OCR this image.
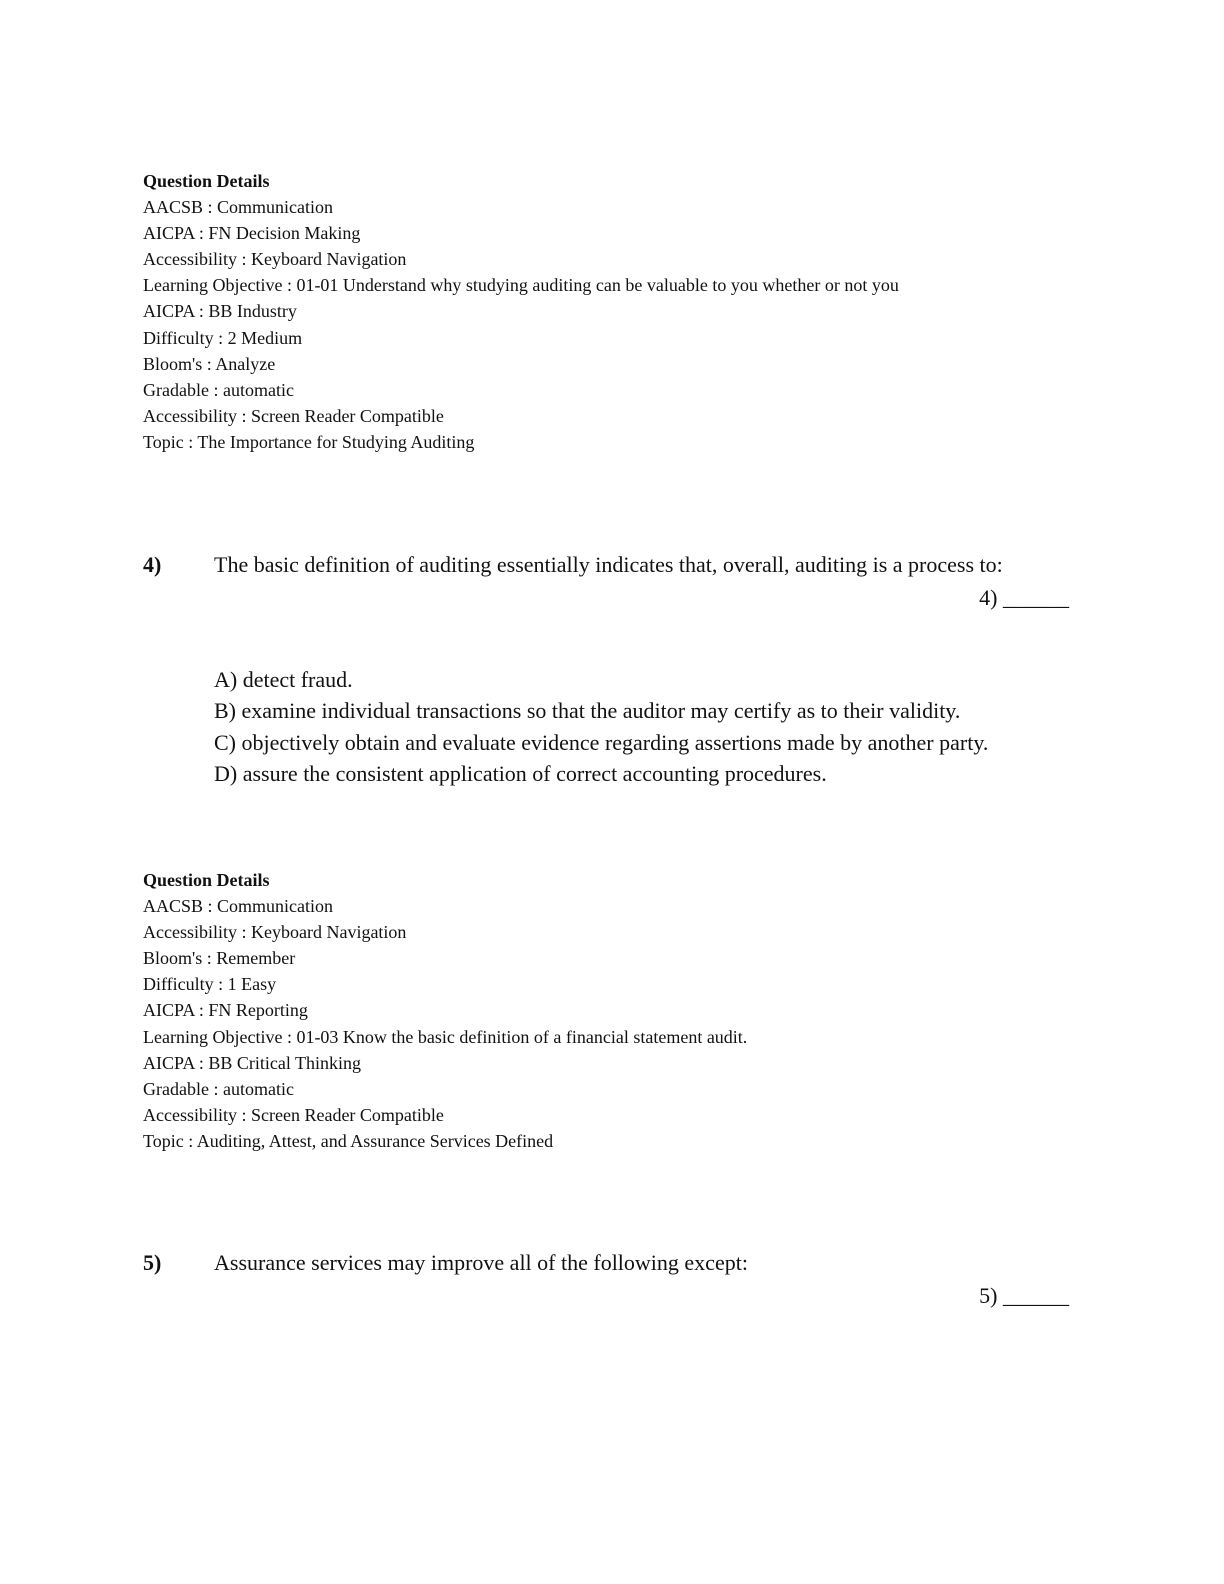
Question Details
AACSB : Communication
AICPA : FN Decision Making
Accessibility : Keyboard Navigation
Learning Objective : 01-01 Understand why studying auditing can be valuable to you whether or not you
AICPA : BB Industry
Difficulty : 2 Medium
Bloom's : Analyze
Gradable : automatic
Accessibility : Screen Reader Compatible
Topic : The Importance for Studying Auditing
4) The basic definition of auditing essentially indicates that, overall, auditing is a process to:
4) ______
A) detect fraud.
B) examine individual transactions so that the auditor may certify as to their validity.
C) objectively obtain and evaluate evidence regarding assertions made by another party.
D) assure the consistent application of correct accounting procedures.
Question Details
AACSB : Communication
Accessibility : Keyboard Navigation
Bloom's : Remember
Difficulty : 1 Easy
AICPA : FN Reporting
Learning Objective : 01-03 Know the basic definition of a financial statement audit.
AICPA : BB Critical Thinking
Gradable : automatic
Accessibility : Screen Reader Compatible
Topic : Auditing, Attest, and Assurance Services Defined
5) Assurance services may improve all of the following except:
5) ______
